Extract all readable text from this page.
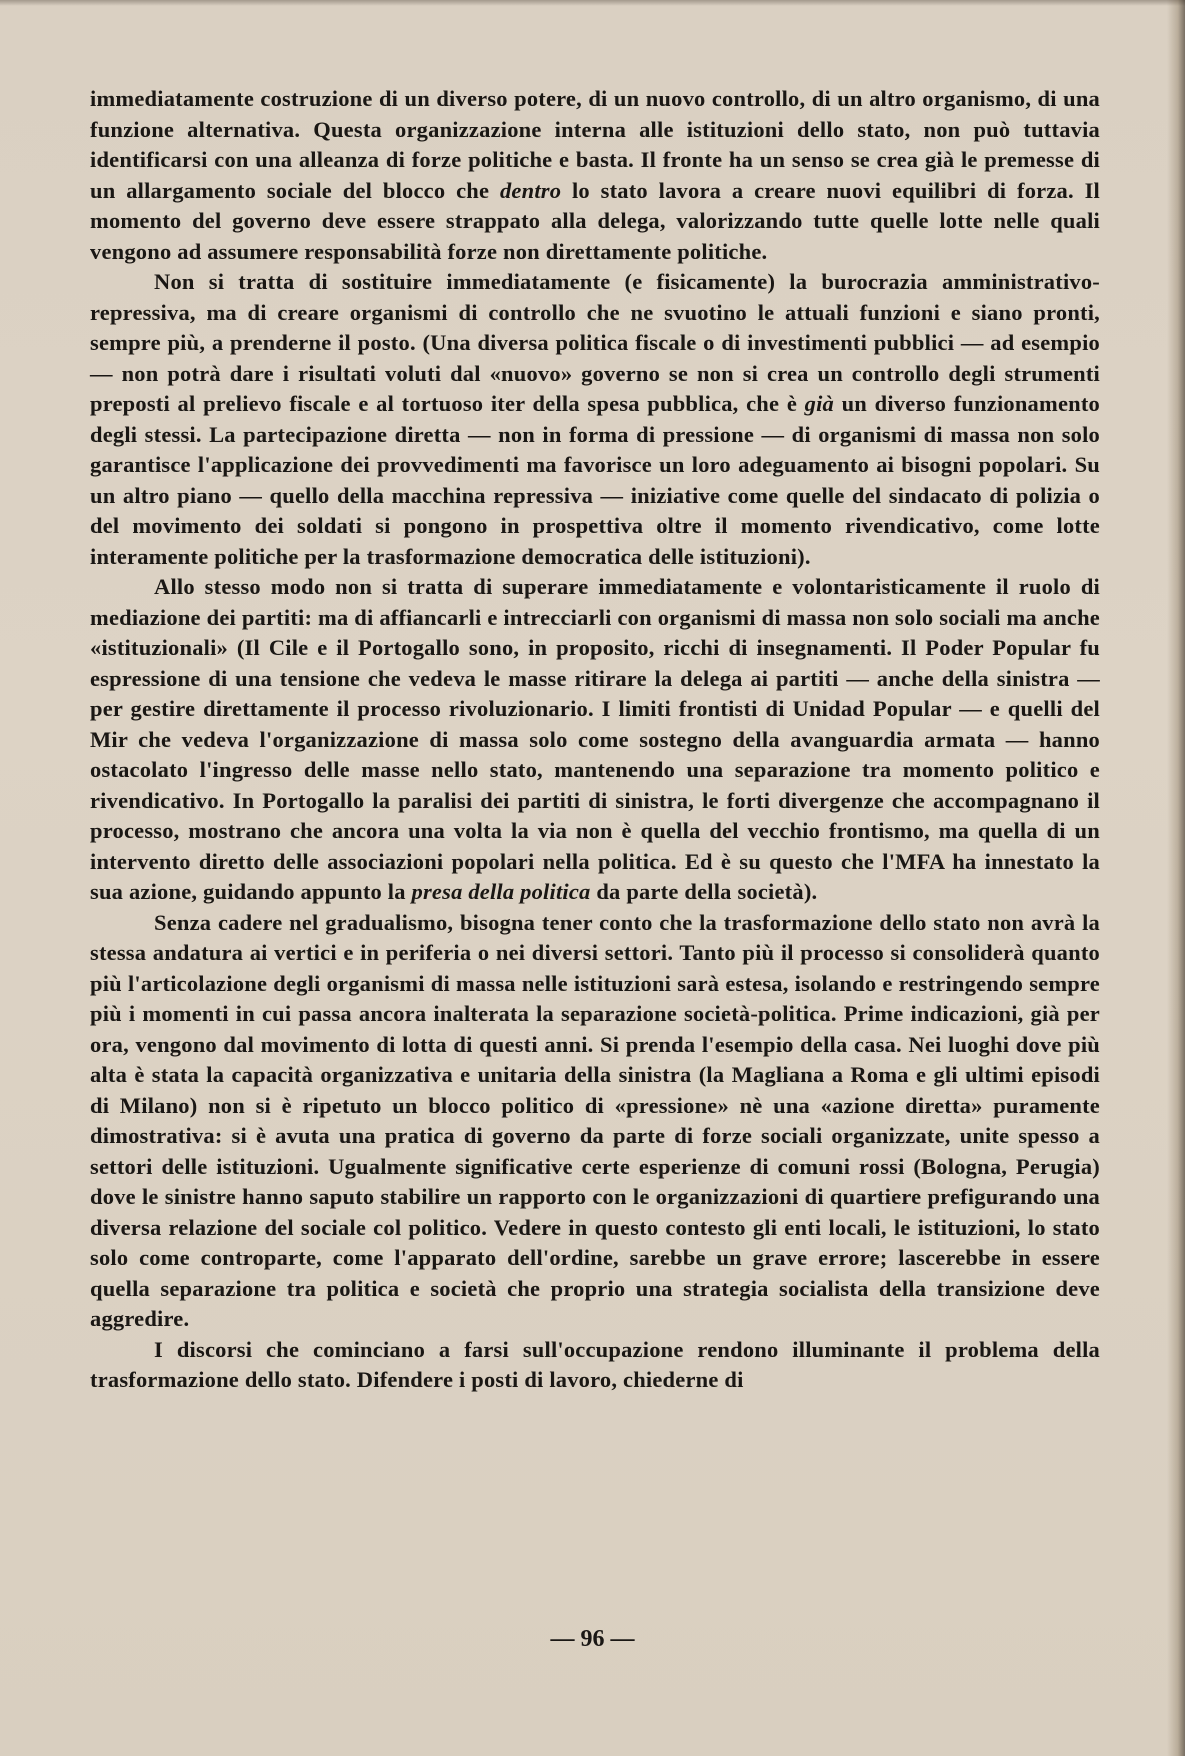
immediatamente costruzione di un diverso potere, di un nuovo controllo, di un altro organismo, di una funzione alternativa. Questa organizzazione interna alle istituzioni dello stato, non può tuttavia identificarsi con una alleanza di forze politiche e basta. Il fronte ha un senso se crea già le premesse di un allargamento sociale del blocco che dentro lo stato lavora a creare nuovi equilibri di forza. Il momento del governo deve essere strappato alla delega, valorizzando tutte quelle lotte nelle quali vengono ad assumere responsabilità forze non direttamente politiche.

Non si tratta di sostituire immediatamente (e fisicamente) la burocrazia amministrativo-repressiva, ma di creare organismi di controllo che ne svuotino le attuali funzioni e siano pronti, sempre più, a prenderne il posto. (Una diversa politica fiscale o di investimenti pubblici — ad esempio — non potrà dare i risultati voluti dal «nuovo» governo se non si crea un controllo degli strumenti preposti al prelievo fiscale e al tortuoso iter della spesa pubblica, che è già un diverso funzionamento degli stessi. La partecipazione diretta — non in forma di pressione — di organismi di massa non solo garantisce l'applicazione dei provvedimenti ma favorisce un loro adeguamento ai bisogni popolari. Su un altro piano — quello della macchina repressiva — iniziative come quelle del sindacato di polizia o del movimento dei soldati si pongono in prospettiva oltre il momento rivendicativo, come lotte interamente politiche per la trasformazione democratica delle istituzioni).

Allo stesso modo non si tratta di superare immediatamente e volontaristicamente il ruolo di mediazione dei partiti: ma di affiancarli e intrecciarli con organismi di massa non solo sociali ma anche «istituzionali» (Il Cile e il Portogallo sono, in proposito, ricchi di insegnamenti. Il Poder Popular fu espressione di una tensione che vedeva le masse ritirare la delega ai partiti — anche della sinistra — per gestire direttamente il processo rivoluzionario. I limiti frontisti di Unidad Popular — e quelli del Mir che vedeva l'organizzazione di massa solo come sostegno della avanguardia armata — hanno ostacolato l'ingresso delle masse nello stato, mantenendo una separazione tra momento politico e rivendicativo. In Portogallo la paralisi dei partiti di sinistra, le forti divergenze che accompagnano il processo, mostrano che ancora una volta la via non è quella del vecchio frontismo, ma quella di un intervento diretto delle associazioni popolari nella politica. Ed è su questo che l'MFA ha innestato la sua azione, guidando appunto la presa della politica da parte della società).

Senza cadere nel gradualismo, bisogna tener conto che la trasformazione dello stato non avrà la stessa andatura ai vertici e in periferia o nei diversi settori. Tanto più il processo si consoliderà quanto più l'articolazione degli organismi di massa nelle istituzioni sarà estesa, isolando e restringendo sempre più i momenti in cui passa ancora inalterata la separazione società-politica. Prime indicazioni, già per ora, vengono dal movimento di lotta di questi anni. Si prenda l'esempio della casa. Nei luoghi dove più alta è stata la capacità organizzativa e unitaria della sinistra (la Magliana a Roma e gli ultimi episodi di Milano) non si è ripetuto un blocco politico di «pressione» nè una «azione diretta» puramente dimostrativa: si è avuta una pratica di governo da parte di forze sociali organizzate, unite spesso a settori delle istituzioni. Ugualmente significative certe esperienze di comuni rossi (Bologna, Perugia) dove le sinistre hanno saputo stabilire un rapporto con le organizzazioni di quartiere prefigurando una diversa relazione del sociale col politico. Vedere in questo contesto gli enti locali, le istituzioni, lo stato solo come controparte, come l'apparato dell'ordine, sarebbe un grave errore; lascerebbe in essere quella separazione tra politica e società che proprio una strategia socialista della transizione deve aggredire.

I discorsi che cominciano a farsi sull'occupazione rendono illuminante il problema della trasformazione dello stato. Difendere i posti di lavoro, chiederne di

— 96 —
